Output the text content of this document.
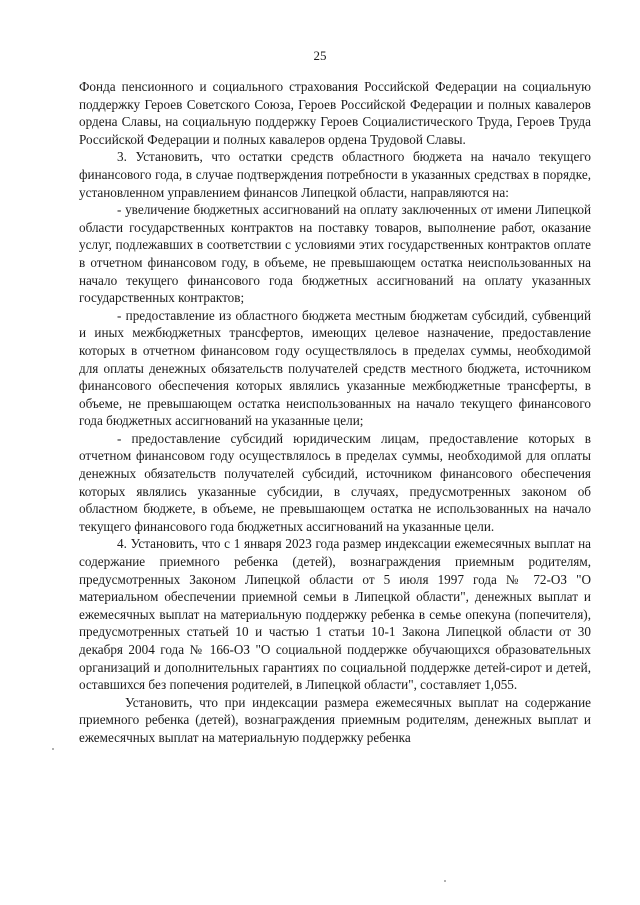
25

Фонда пенсионного и социального страхования Российской Федерации на социальную поддержку Героев Советского Союза, Героев Российской Федерации и полных кавалеров ордена Славы, на социальную поддержку Героев Социалистического Труда, Героев Труда Российской Федерации и полных кавалеров ордена Трудовой Славы.

3. Установить, что остатки средств областного бюджета на начало текущего финансового года, в случае подтверждения потребности в указанных средствах в порядке, установленном управлением финансов Липецкой области, направляются на:

- увеличение бюджетных ассигнований на оплату заключенных от имени Липецкой области государственных контрактов на поставку товаров, выполнение работ, оказание услуг, подлежавших в соответствии с условиями этих государственных контрактов оплате в отчетном финансовом году, в объеме, не превышающем остатка неиспользованных на начало текущего финансового года бюджетных ассигнований на оплату указанных государственных контрактов;

- предоставление из областного бюджета местным бюджетам субсидий, субвенций и иных межбюджетных трансфертов, имеющих целевое назначение, предоставление которых в отчетном финансовом году осуществлялось в пределах суммы, необходимой для оплаты денежных обязательств получателей средств местного бюджета, источником финансового обеспечения которых являлись указанные межбюджетные трансферты, в объеме, не превышающем остатка неиспользованных на начало текущего финансового года бюджетных ассигнований на указанные цели;

- предоставление субсидий юридическим лицам, предоставление которых в отчетном финансовом году осуществлялось в пределах суммы, необходимой для оплаты денежных обязательств получателей субсидий, источником финансового обеспечения которых являлись указанные субсидии, в случаях, предусмотренных законом об областном бюджете, в объеме, не превышающем остатка не использованных на начало текущего финансового года бюджетных ассигнований на указанные цели.

4. Установить, что с 1 января 2023 года размер индексации ежемесячных выплат на содержание приемного ребенка (детей), вознаграждения приемным родителям, предусмотренных Законом Липецкой области от 5 июля 1997 года № 72-ОЗ "О материальном обеспечении приемной семьи в Липецкой области", денежных выплат и ежемесячных выплат на материальную поддержку ребенка в семье опекуна (попечителя), предусмотренных статьей 10 и частью 1 статьи 10-1 Закона Липецкой области от 30 декабря 2004 года № 166-ОЗ "О социальной поддержке обучающихся образовательных организаций и дополнительных гарантиях по социальной поддержке детей-сирот и детей, оставшихся без попечения родителей, в Липецкой области", составляет 1,055.

Установить, что при индексации размера ежемесячных выплат на содержание приемного ребенка (детей), вознаграждения приемным родителям, денежных выплат и ежемесячных выплат на материальную поддержку ребенка
